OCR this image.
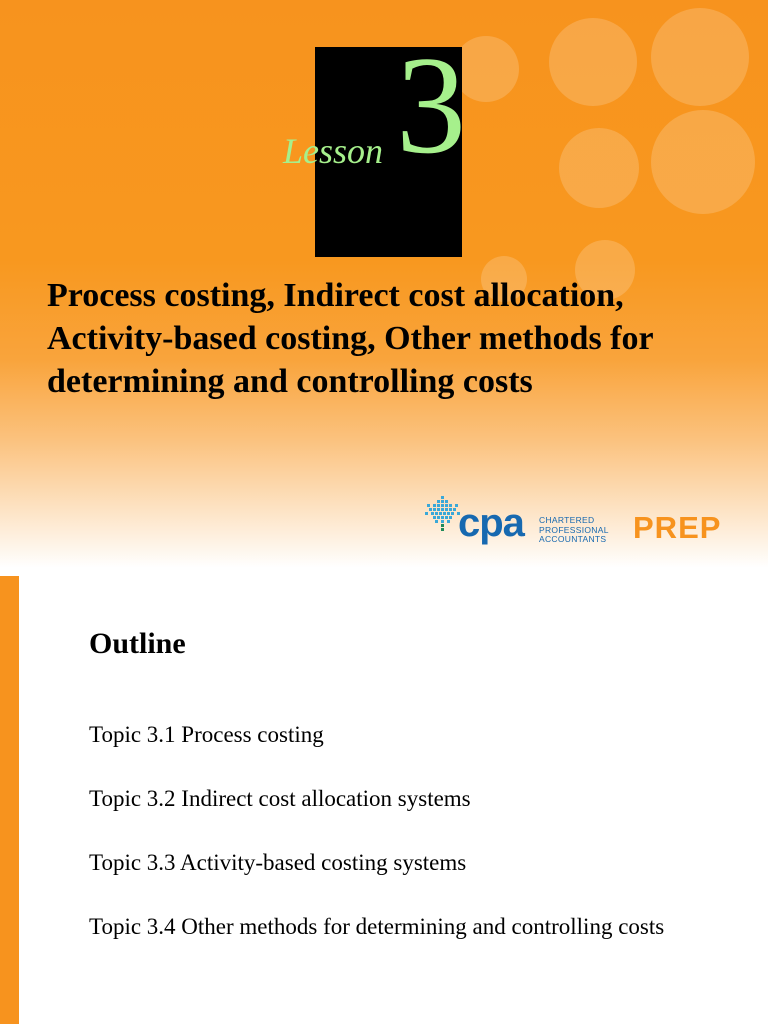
Lesson 3
Process costing, Indirect cost allocation, Activity-based costing, Other methods for determining and controlling costs
cpa CHARTERED
PROFESSIONAL
ACCOUNTANTS PREP
Outline
Topic 3.1 Process costing
Topic 3.2 Indirect cost allocation systems
Topic 3.3 Activity-based costing systems
Topic 3.4 Other methods for determining and controlling costs
